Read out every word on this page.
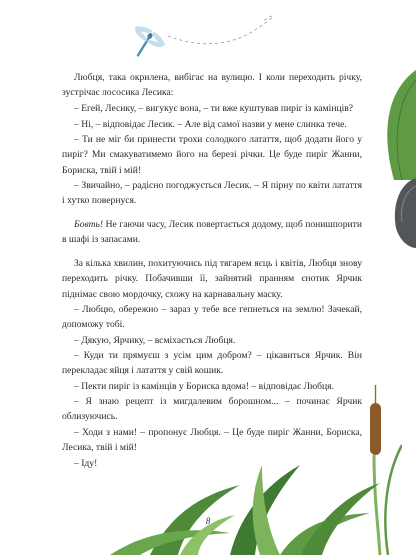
Любця, така окрилена, вибігає на вулицю. І коли переходить річку, зустрічає лососика Лесика:

– Егей, Лесику, – вигукує вона, – ти вже куштував пиріг із камінців?

– Ні, – відповідає Лесик. – Але від самої назви у мене слинка тече.

– Ти не міг би принести трохи солодкого латаття, щоб додати його у пиріг? Ми смакуватимемо його на березі річки. Це буде пиріг Жанни, Бориска, твій і мій!

– Звичайно, – радісно погоджується Лесик. – Я пірну по квіти латаття і хутко повернуся.

Бовть! Не гаючи часу, Лесик повертається додому, щоб понишпорити в шафі із запасами.

За кілька хвилин, похитуючись під тягарем яєць і квітів, Любця знову переходить річку. Побачивши її, зайнятий пранням єнотик Ярчик піднімає свою мордочку, схожу на карнавальну маску.

– Любцю, обережно – зараз у тебе все гепнеться на землю! Зачекай, допоможу тобі.

– Дякую, Ярчику, – всміхається Любця.

– Куди ти прямуєш з усім цим добром? – цікавиться Ярчик. Він перекладає яйця і латаття у свій кошик.

– Пекти пиріг із камінців у Бориска вдома! – відповідає Любця.

– Я знаю рецепт із мигдалевим борошном... – починає Ярчик облизуючись.

– Ходи з нами! – пропонує Любця. – Це буде пиріг Жанни, Бориска, Лесика, твій і мій!

– Іду!

8
